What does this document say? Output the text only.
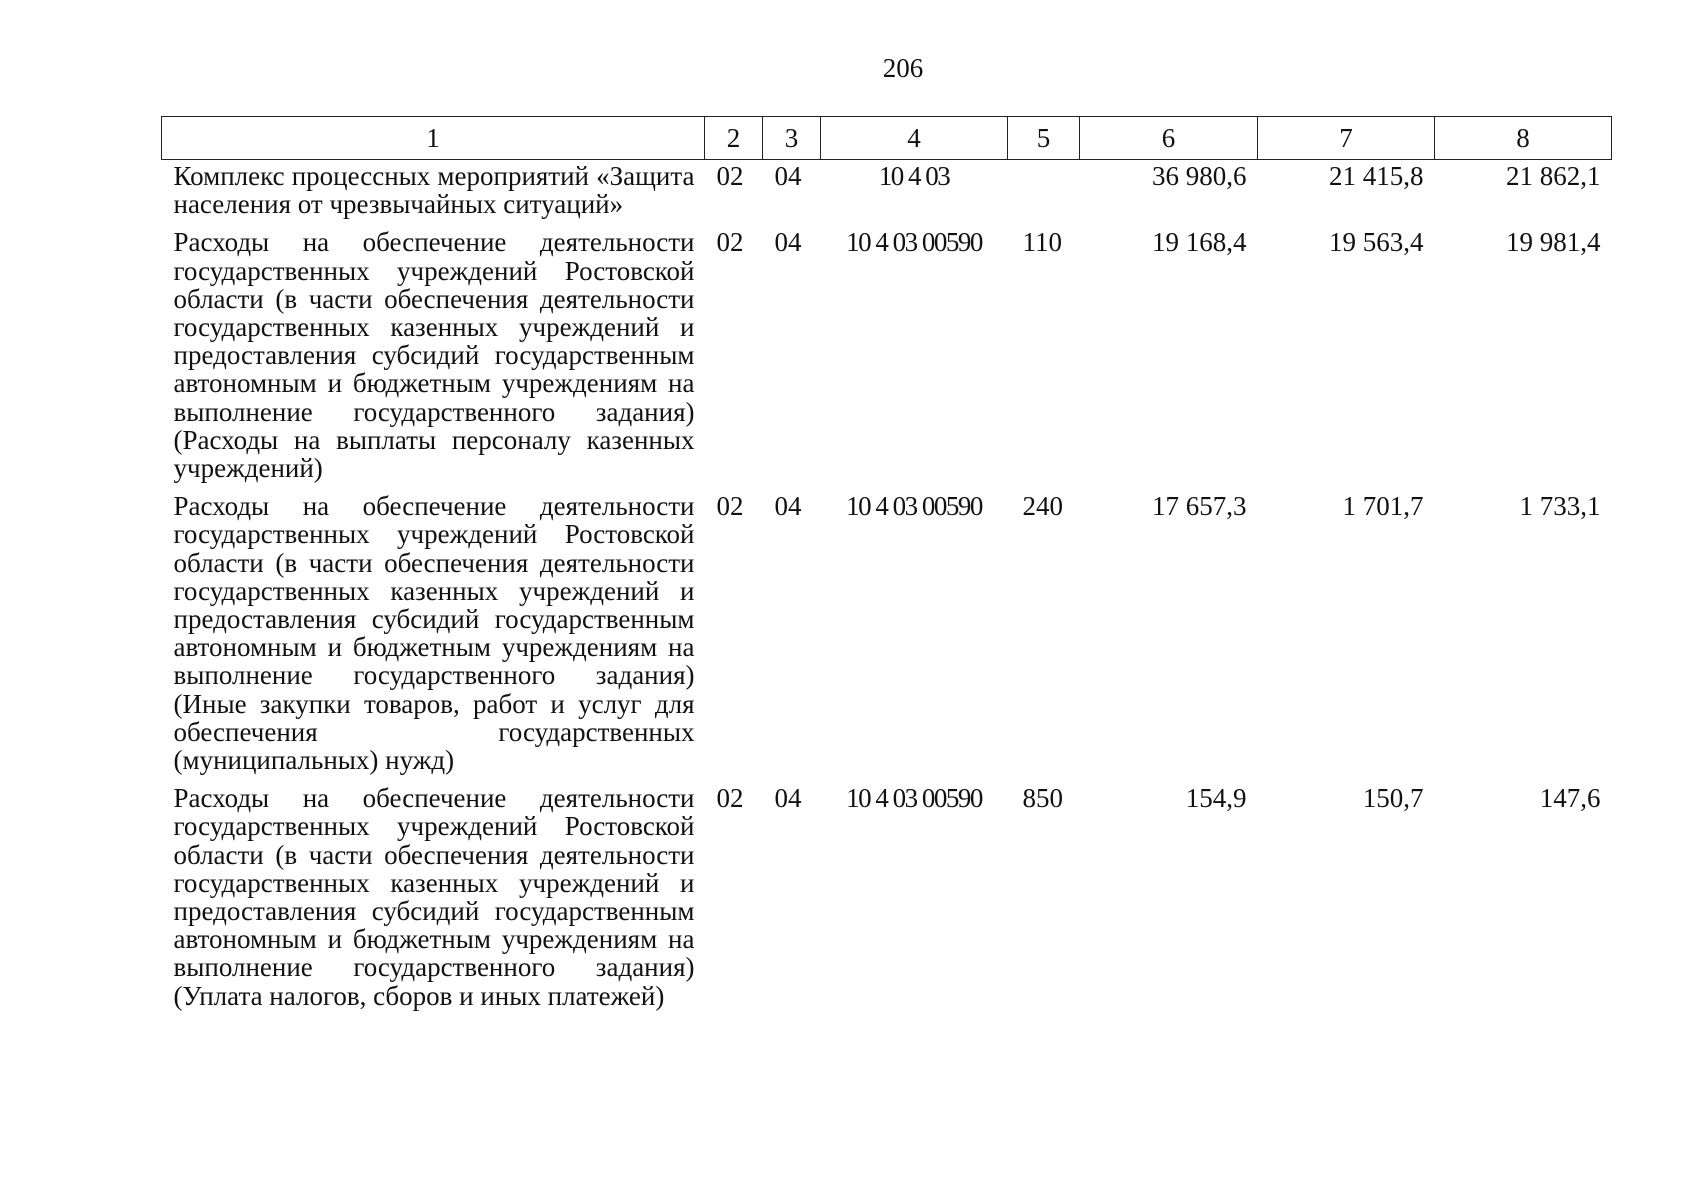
206
1	2	3	4	5	6	7	8
Комплекс процессных мероприятий «Защита населения от чрезвычайных ситуаций»	02	04	10 4 03		36 980,6	21 415,8	21 862,1
Расходы на обеспечение деятельности государственных учреждений Ростовской области (в части обеспечения деятельности государственных казенных учреждений и предоставления субсидий государственным автономным и бюджетным учреждениям на выполнение государственного задания) (Расходы на выплаты персоналу казенных учреждений)	02	04	10 4 03 00590	110	19 168,4	19 563,4	19 981,4
Расходы на обеспечение деятельности государственных учреждений Ростовской области (в части обеспечения деятельности государственных казенных учреждений и предоставления субсидий государственным автономным и бюджетным учреждениям на выполнение государственного задания) (Иные закупки товаров, работ и услуг для обеспечения государственных (муниципальных) нужд)	02	04	10 4 03 00590	240	17 657,3	1 701,7	1 733,1
Расходы на обеспечение деятельности государственных учреждений Ростовской области (в части обеспечения деятельности государственных казенных учреждений и предоставления субсидий государственным автономным и бюджетным учреждениям на выполнение государственного задания) (Уплата налогов, сборов и иных платежей)	02	04	10 4 03 00590	850	154,9	150,7	147,6
